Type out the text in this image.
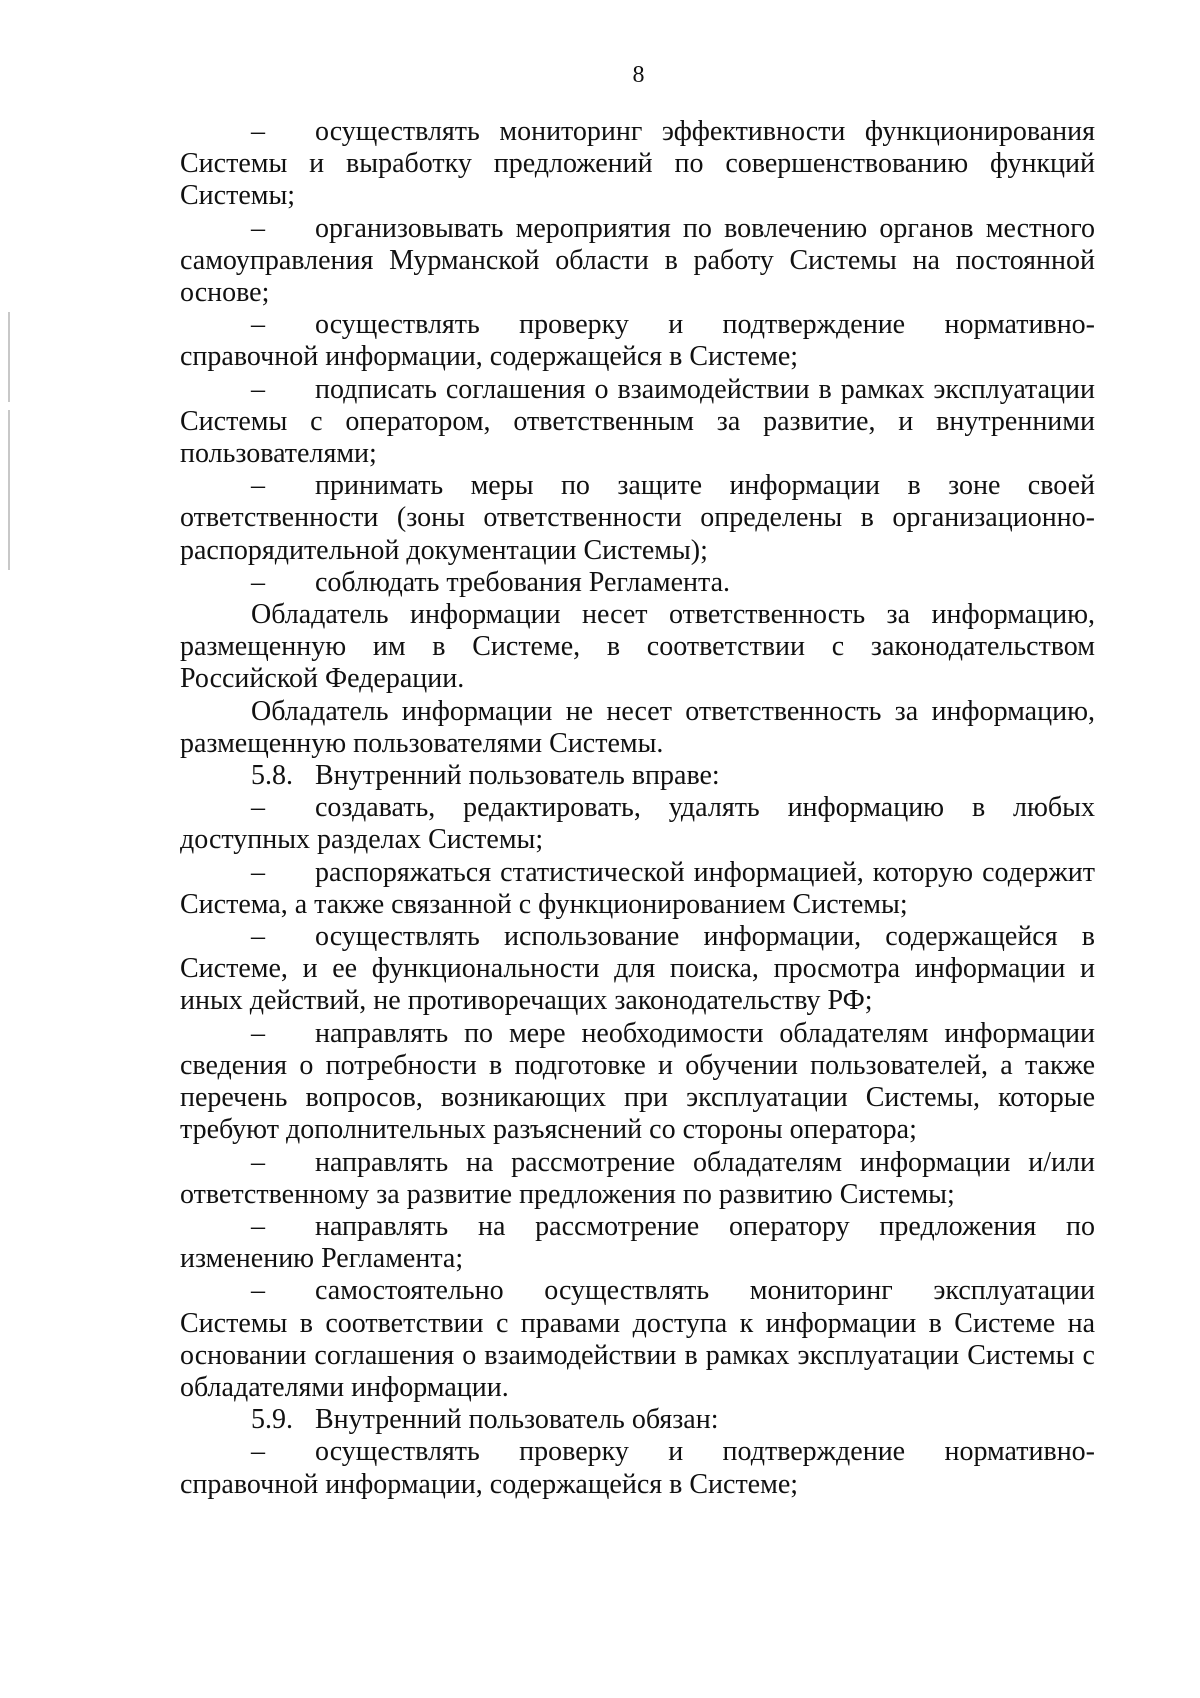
8

– осуществлять мониторинг эффективности функционирования Системы и выработку предложений по совершенствованию функций Системы;

– организовывать мероприятия по вовлечению органов местного самоуправления Мурманской области в работу Системы на постоянной основе;

– осуществлять проверку и подтверждение нормативно-справочной информации, содержащейся в Системе;

– подписать соглашения о взаимодействии в рамках эксплуатации Системы с оператором, ответственным за развитие, и внутренними пользователями;

– принимать меры по защите информации в зоне своей ответственности (зоны ответственности определены в организационно-распорядительной документации Системы);

– соблюдать требования Регламента.

Обладатель информации несет ответственность за информацию, размещенную им в Системе, в соответствии с законодательством Российской Федерации.

Обладатель информации не несет ответственность за информацию, размещенную пользователями Системы.

5.8. Внутренний пользователь вправе:

– создавать, редактировать, удалять информацию в любых доступных разделах Системы;

– распоряжаться статистической информацией, которую содержит Система, а также связанной с функционированием Системы;

– осуществлять использование информации, содержащейся в Системе, и ее функциональности для поиска, просмотра информации и иных действий, не противоречащих законодательству РФ;

– направлять по мере необходимости обладателям информации сведения о потребности в подготовке и обучении пользователей, а также перечень вопросов, возникающих при эксплуатации Системы, которые требуют дополнительных разъяснений со стороны оператора;

– направлять на рассмотрение обладателям информации и/или ответственному за развитие предложения по развитию Системы;

– направлять на рассмотрение оператору предложения по изменению Регламента;

– самостоятельно осуществлять мониторинг эксплуатации Системы в соответствии с правами доступа к информации в Системе на основании соглашения о взаимодействии в рамках эксплуатации Системы с обладателями информации.

5.9. Внутренний пользователь обязан:

– осуществлять проверку и подтверждение нормативно-справочной информации, содержащейся в Системе;
